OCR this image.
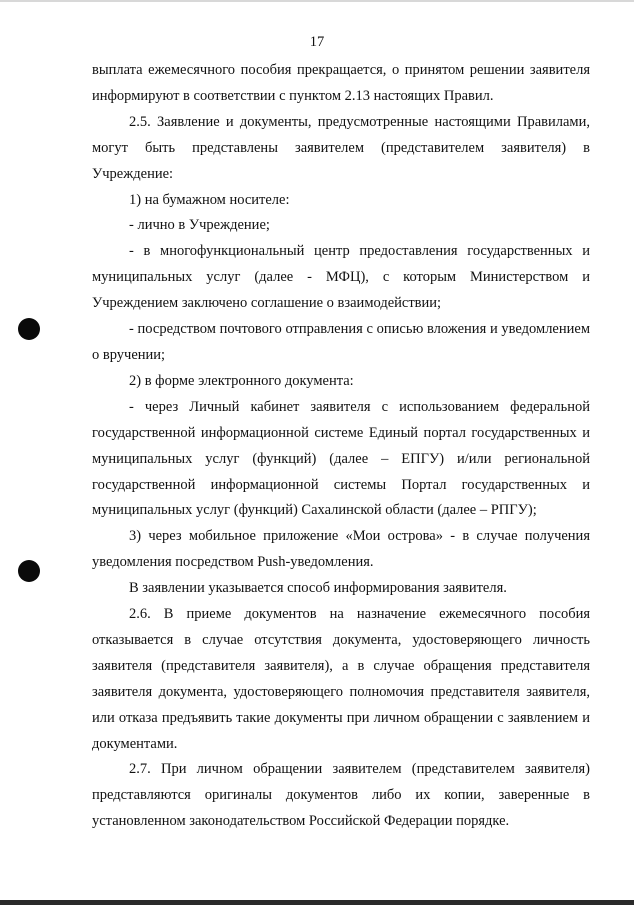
17

выплата ежемесячного пособия прекращается, о принятом решении заявителя информируют в соответствии с пунктом 2.13 настоящих Правил.

2.5. Заявление и документы, предусмотренные настоящими Правилами, могут быть представлены заявителем (представителем заявителя) в Учреждение:

1) на бумажном носителе:

- лично в Учреждение;

- в многофункциональный центр предоставления государственных и муниципальных услуг (далее - МФЦ), с которым Министерством и Учреждением заключено соглашение о взаимодействии;

- посредством почтового отправления с описью вложения и уведомлением о вручении;

2) в форме электронного документа:

- через Личный кабинет заявителя с использованием федеральной государственной информационной системе Единый портал государственных и муниципальных услуг (функций) (далее – ЕПГУ) и/или региональной государственной информационной системы Портал государственных и муниципальных услуг (функций) Сахалинской области (далее – РПГУ);

3) через мобильное приложение «Мои острова» - в случае получения уведомления посредством Push-уведомления.

В заявлении указывается способ информирования заявителя.

2.6. В приеме документов на назначение ежемесячного пособия отказывается в случае отсутствия документа, удостоверяющего личность заявителя (представителя заявителя), а в случае обращения представителя заявителя документа, удостоверяющего полномочия представителя заявителя, или отказа предъявить такие документы при личном обращении с заявлением и документами.

2.7. При личном обращении заявителем (представителем заявителя) представляются оригиналы документов либо их копии, заверенные в установленном законодательством Российской Федерации порядке.
